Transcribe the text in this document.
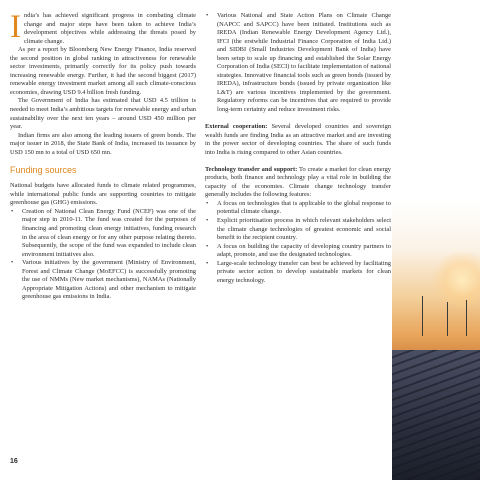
India’s has achieved significant progress in combating climate change and major steps have been taken to achieve India’s development objectives while addressing the threats posed by climate change.

As per a report by Bloomberg New Energy Finance, India reserved the second position in global ranking in attractiveness for renewable sector investments, primarily correctly for its policy push towards increasing renewable energy. Further, it had the second biggest (2017) renewable energy investment market among all such climate-conscious economies, drawing USD 9.4 billion fresh funding.

The Government of India has estimated that USD 4.5 trillion is needed to meet India’s ambitious targets for renewable energy and urban sustainability over the next ten years – around USD 450 million per year.

Indian firms are also among the leading issuers of green bonds. The major issuer in 2018, the State Bank of India, increased its issuance by USD 150 mn to a total of USD 650 mn.

Funding sources

National budgets have allocated funds to climate related programmes, while international public funds are supporting countries to mitigate greenhouse gas (GHG) emissions.

• Creation of National Clean Energy Fund (NCEF) was one of the major step in 2010-11. The fund was created for the purposes of financing and promoting clean energy initiatives, funding research in the area of clean energy or for any other purpose relating thereto. Subsequently, the scope of the fund was expanded to include clean environment initiatives also.
• Various initiatives by the government (Ministry of Environment, Forest and Climate Change (MoEFCC) is successfully promoting the use of NMMs (New market mechanisms), NAMAs (Nationally Appropriate Mitigation Actions) and other mechanism to mitigate greenhouse gas emissions in India.
• Various National and State Action Plans on Climate Change (NAPCC and SAPCC) have been initiated. Institutions such as IREDA (Indian Renewable Energy Development Agency Ltd.), IFCI (the erstwhile Industrial Finance Corporation of India Ltd.) and SIDBI (Small Industries Development Bank of India) have been setup to scale up financing and established the Solar Energy Corporation of India (SECI) to facilitate implementation of national strategies. Innovative financial tools such as green bonds (issued by IREDA), infrastructure bonds (issued by private organization like L&T) are various incentives implemented by the government. Regulatory reforms can be incentives that are required to provide long-term certainty and reduce investment risks.

External cooperation: Several developed countries and sovereign wealth funds are finding India as an attractive market and are investing in the power sector of developing countries. The share of such funds into India is rising compared to other Asian countries.

Technology transfer and support: To create a market for clean energy products, both finance and technology play a vital role in building the capacity of the economies. Climate change technology transfer generally includes the following features:

• A focus on technologies that is applicable to the global response to potential climate change.
• Explicit prioritisation process in which relevant stakeholders select the climate change technologies of greatest economic and social benefit to the recipient country.
• A focus on building the capacity of developing country partners to adapt, promote, and use the designated technologies.
• Large-scale technology transfer can best be achieved by facilitating private sector action to develop sustainable markets for clean energy technology.
16
